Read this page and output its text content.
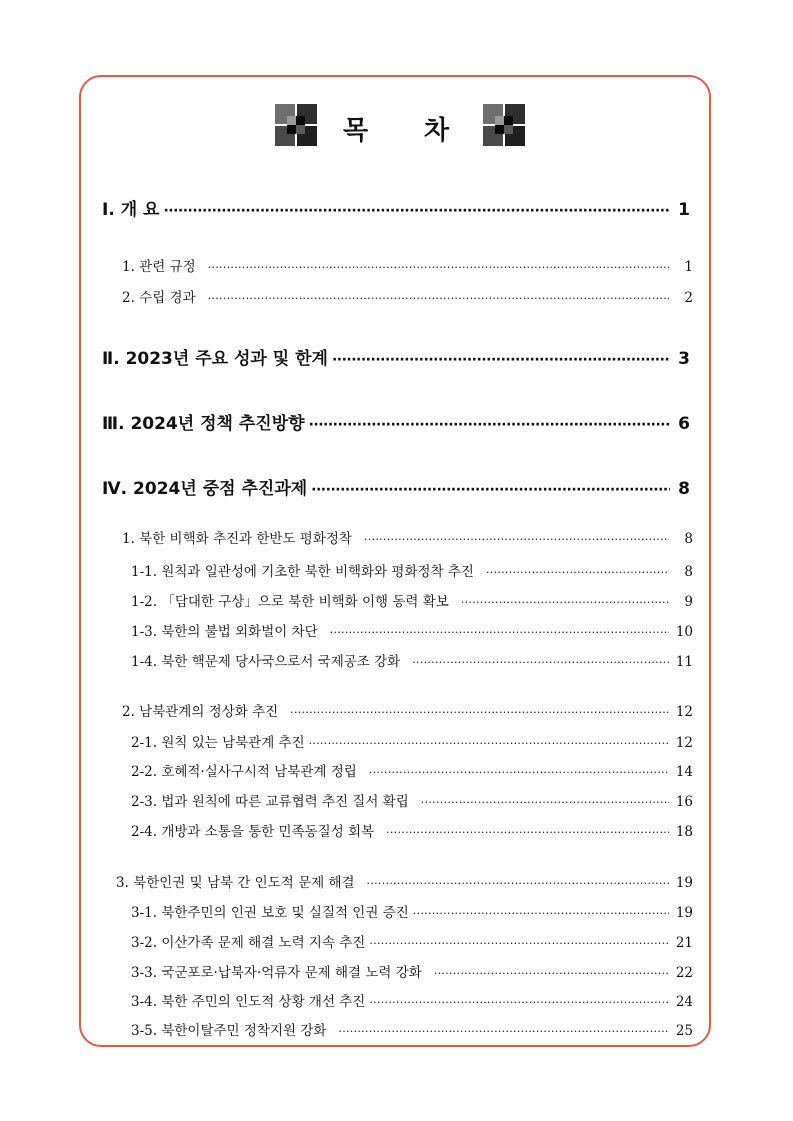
목 차
Ⅰ. 개 요 ·····	1
1. 관련 규정 ·····	1
2. 수립 경과 ·····	2
Ⅱ. 2023년 주요 성과 및 한계 ·····	3
Ⅲ. 2024년 정책 추진방향 ·····	6
Ⅳ. 2024년 중점 추진과제 ·····	8
1. 북한 비핵화 추진과 한반도 평화정착 ·····	8
1-1. 원칙과 일관성에 기초한 북한 비핵화와 평화정착 추진 ·····	8
1-2. 「담대한 구상」으로 북한 비핵화 이행 동력 확보 ·····	9
1-3. 북한의 불법 외화벌이 차단 ·····	10
1-4. 북한 핵문제 당사국으로서 국제공조 강화 ·····	11
2. 남북관계의 정상화 추진 ·····	12
2-1. 원칙 있는 남북관계 추진 ·····	12
2-2. 호혜적·실사구시적 남북관계 정립 ·····	14
2-3. 법과 원칙에 따른 교류협력 추진 질서 확립 ·····	16
2-4. 개방과 소통을 통한 민족동질성 회복 ·····	18
3. 북한인권 및 남북 간 인도적 문제 해결 ·····	19
3-1. 북한주민의 인권 보호 및 실질적 인권 증진 ·····	19
3-2. 이산가족 문제 해결 노력 지속 추진 ·····	21
3-3. 국군포로·납북자·억류자 문제 해결 노력 강화 ·····	22
3-4. 북한 주민의 인도적 상황 개선 추진 ·····	24
3-5. 북한이탈주민 정착지원 강화 ·····	25
